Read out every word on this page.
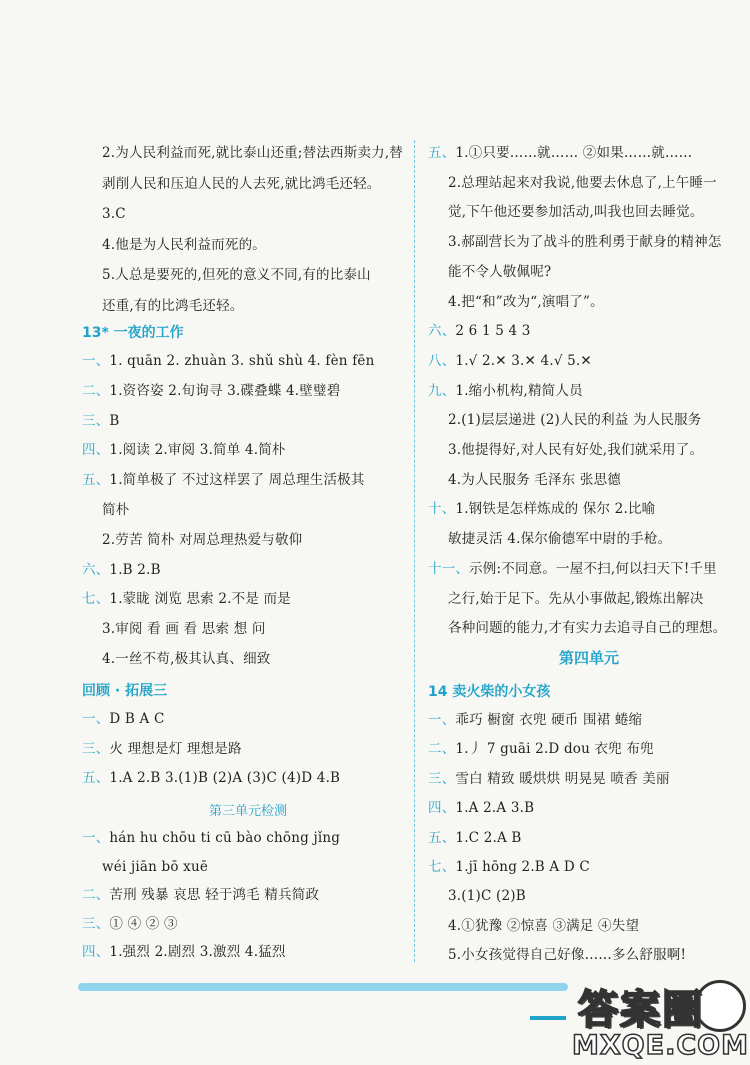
2.为人民利益而死,就比泰山还重;替法西斯卖力,替
剥削人民和压迫人民的人去死,就比鸿毛还轻。
3.C
4.他是为人民利益而死的。
5.人总是要死的,但死的意义不同,有的比泰山
还重,有的比鸿毛还轻。
13* 一夜的工作
一、1. quān 2. zhuàn 3. shǔ shù 4. fèn fēn
二、1.资咨姿 2.旬询寻 3.碟叠蝶 4.壁璧碧
三、B
四、1.阅读 2.审阅 3.简单 4.简朴
五、1.简单极了 不过这样罢了 周总理生活极其
简朴
2.劳苦 简朴 对周总理热爱与敬仰
六、1.B 2.B
七、1.蒙眬 浏览 思索 2.不是 而是
3.审阅 看 画 看 思索 想 问
4.一丝不苟,极其认真、细致
回顾 · 拓展三
一、D B A C
三、火 理想是灯 理想是路
五、1.A 2.B 3.(1)B (2)A (3)C (4)D 4.B
第三单元检测
一、hán hu chōu ti cū bào chōng jǐng
wéi jiān bō xuē
二、苦刑 残暴 哀思 轻于鸿毛 精兵简政
三、① ④ ② ③
四、1.强烈 2.剧烈 3.激烈 4.猛烈
五、1.①只要……就…… ②如果……就……
2.总理站起来对我说,他要去休息了,上午睡一
觉,下午他还要参加活动,叫我也回去睡觉。
3.郝副营长为了战斗的胜利勇于献身的精神怎
能不令人敬佩呢?
4.把“和”改为“,演唱了”。
六、2 6 1 5 4 3
八、1.√ 2.✕ 3.✕ 4.√ 5.✕
九、1.缩小机构,精简人员
2.(1)层层递进 (2)人民的利益 为人民服务
3.他提得好,对人民有好处,我们就采用了。
4.为人民服务 毛泽东 张思德
十、1.钢铁是怎样炼成的 保尔 2.比喻
敏捷灵活 4.保尔偷德军中尉的手枪。
十一、示例:不同意。一屋不扫,何以扫天下!千里
之行,始于足下。先从小事做起,锻炼出解决
各种问题的能力,才有实力去追寻自己的理想。
第四单元
14 卖火柴的小女孩
一、乖巧 橱窗 衣兜 硬币 围裙 蜷缩
二、1.丿 7 guāi 2.D dou 衣兜 布兜
三、雪白 精致 暖烘烘 明晃晃 喷香 美丽
四、1.A 2.A 3.B
五、1.C 2.A B
七、1.jī hōng 2.B A D C
3.(1)C (2)B
4.①犹豫 ②惊喜 ③满足 ④失望
5.小女孩觉得自己好像……多么舒服啊!
答案圈
MXQE.COM
